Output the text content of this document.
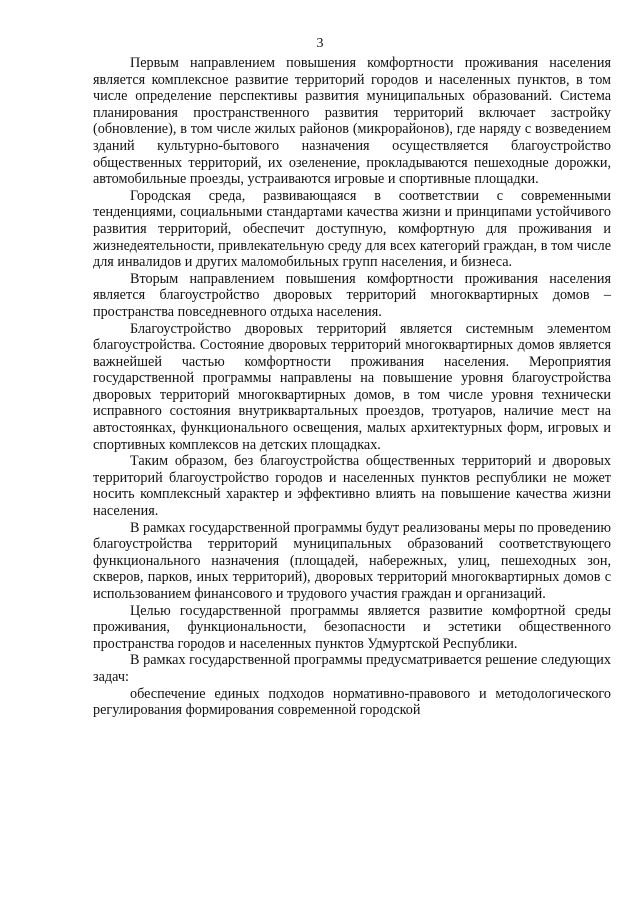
3

Первым направлением повышения комфортности проживания населения является комплексное развитие территорий городов и населенных пунктов, в том числе определение перспективы развития муниципальных образований. Система планирования пространственного развития территорий включает застройку (обновление), в том числе жилых районов (микрорайонов), где наряду с возведением зданий культурно-бытового назначения осуществляется благоустройство общественных территорий, их озеленение, прокладываются пешеходные дорожки, автомобильные проезды, устраиваются игровые и спортивные площадки.

Городская среда, развивающаяся в соответствии с современными тенденциями, социальными стандартами качества жизни и принципами устойчивого развития территорий, обеспечит доступную, комфортную для проживания и жизнедеятельности, привлекательную среду для всех категорий граждан, в том числе для инвалидов и других маломобильных групп населения, и бизнеса.

Вторым направлением повышения комфортности проживания населения является благоустройство дворовых территорий многоквартирных домов – пространства повседневного отдыха населения.

Благоустройство дворовых территорий является системным элементом благоустройства. Состояние дворовых территорий многоквартирных домов является важнейшей частью комфортности проживания населения. Мероприятия государственной программы направлены на повышение уровня благоустройства дворовых территорий многоквартирных домов, в том числе уровня технически исправного состояния внутриквартальных проездов, тротуаров, наличие мест на автостоянках, функционального освещения, малых архитектурных форм, игровых и спортивных комплексов на детских площадках.

Таким образом, без благоустройства общественных территорий и дворовых территорий благоустройство городов и населенных пунктов республики не может носить комплексный характер и эффективно влиять на повышение качества жизни населения.

В рамках государственной программы будут реализованы меры по проведению благоустройства территорий муниципальных образований соответствующего функционального назначения (площадей, набережных, улиц, пешеходных зон, скверов, парков, иных территорий), дворовых территорий многоквартирных домов с использованием финансового и трудового участия граждан и организаций.

Целью государственной программы является развитие комфортной среды проживания, функциональности, безопасности и эстетики общественного пространства городов и населенных пунктов Удмуртской Республики.

В рамках государственной программы предусматривается решение следующих задач:

обеспечение единых подходов нормативно-правового и методологического регулирования формирования современной городской
